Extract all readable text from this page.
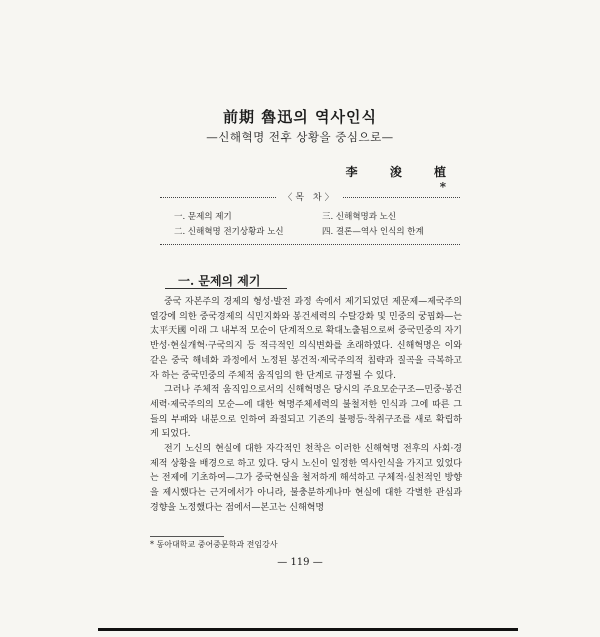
前期 魯迅의 역사인식
—신해혁명 전후 상황을 중심으로—
李 浚 植*
〈목 차〉
一. 문제의 제기	三. 신해혁명과 노신
二. 신해혁명 전기상황과 노신	四. 결론—역사 인식의 한계
一. 문제의 제기

중국 자본주의 경제의 형성·발전 과정 속에서 제기되었던 제문제—제국주의 열강에 의한 중국경제의 식민지화와 봉건세력의 수탈강화 및 민중의 궁핍화—는 太平天國 이래 그 내부적 모순이 단계적으로 확대노출됨으로써 중국민중의 자기반성·현실개혁·구국의지 등 적극적인 의식변화를 초래하였다. 신해혁명은 이와같은 중국 해네화 과정에서 노정된 봉건적·제국주의적 침략과 질곡을 극복하고자 하는 중국민중의 주체적 움직임의 한 단계로 규정될 수 있다.

그러나 주체적 움직임으로서의 신해혁명은 당시의 주요모순구조—민중·봉건세력·제국주의의 모순—에 대한 혁명주체세력의 불철저한 인식과 그에 따른 그들의 부패와 내분으로 인하여 좌절되고 기존의 불평등·착취구조를 새로 확립하게 되었다.

전기 노신의 현실에 대한 자각적인 천착은 이러한 신해혁명 전후의 사회·경제적 상황을 배경으로 하고 있다. 당시 노신이 일정한 역사인식을 가지고 있었다는 전제에 기초하여—그가 중국현실을 철저하게 해석하고 구체적·실천적인 방향을 제시했다는 근거에서가 아니라, 불충분하게나마 현실에 대한 각별한 관심과 경향을 노정했다는 점에서—본고는 신해혁명

* 동아대학교 중어중문학과 전임강사
— 119 —
